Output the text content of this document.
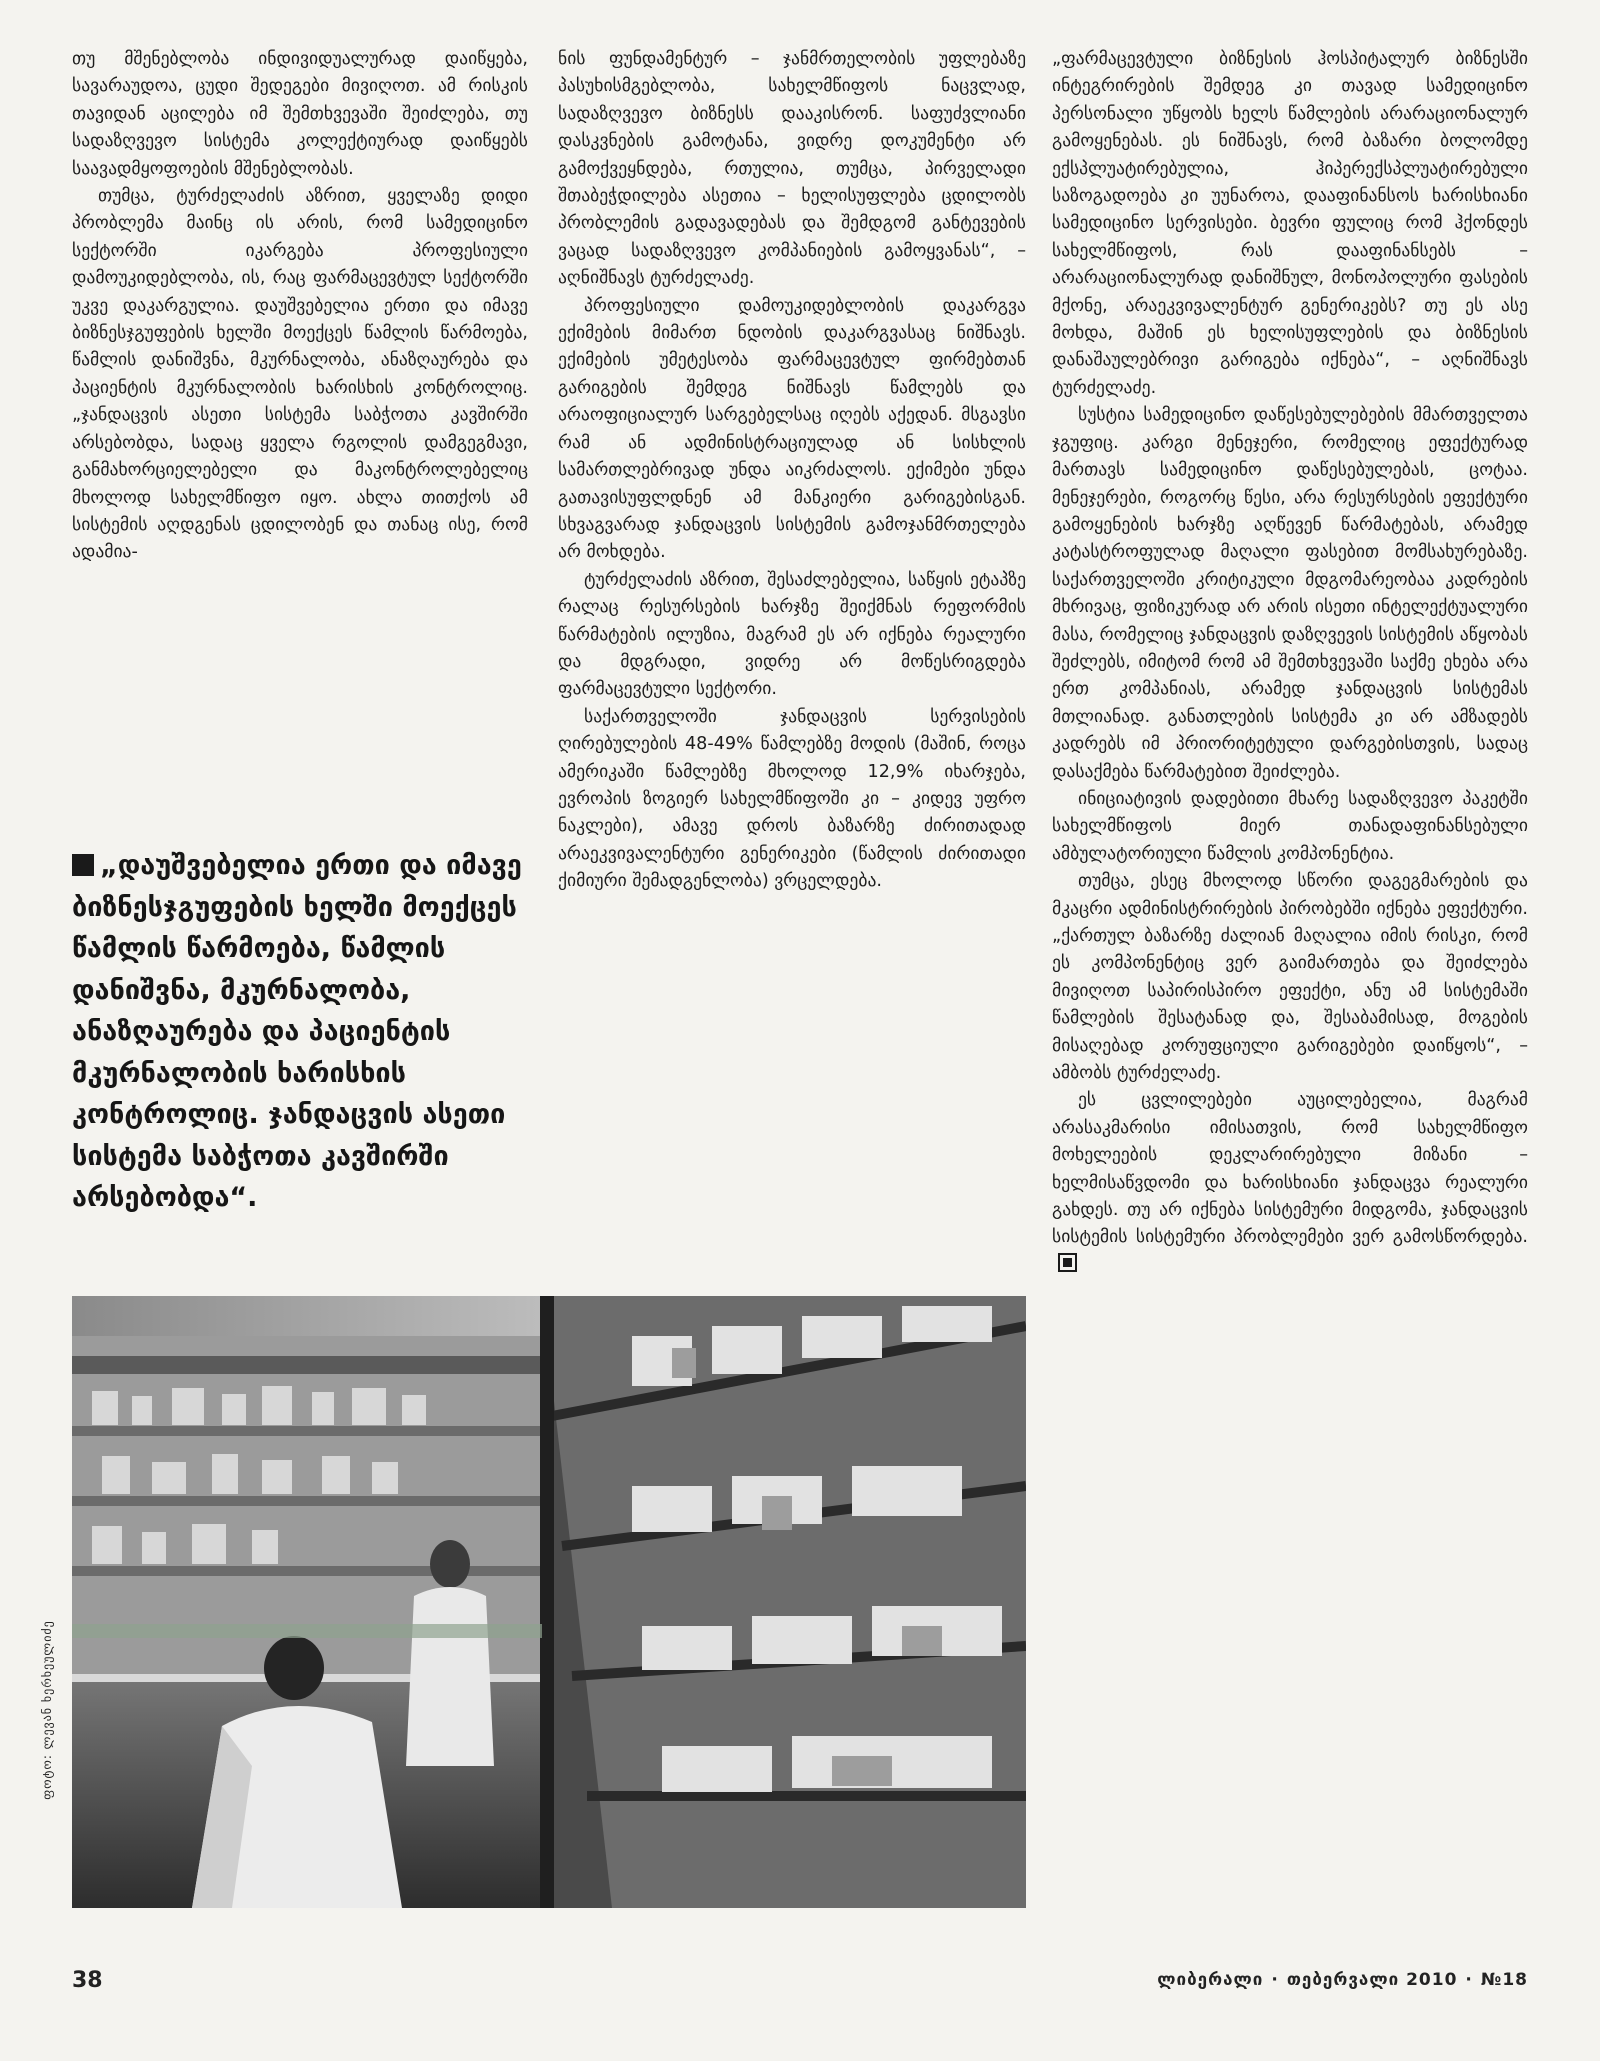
თუ მშენებლობა ინდივიდუალურად დაიწყება, სავარაუდოა, ცუდი შედეგები მივიღოთ. ამ რისკის თავიდან აცილება იმ შემთხვევაში შეიძლება, თუ სადაზღვევო სისტემა კოლექტიურად დაიწყებს საავადმყოფოების მშენებლობას.

თუმცა, ტურძელაძის აზრით, ყველაზე დიდი პრობლემა მაინც ის არის, რომ სამედიცინო სექტორში იკარგება პროფესიული დამოუკიდებლობა, ის, რაც ფარმაცევტულ სექტორში უკვე დაკარგულია. დაუშვებელია ერთი და იმავე ბიზნესჯგუფების ხელში მოექცეს წამლის წარმოება, წამლის დანიშვნა, მკურნალობა, ანაზღაურება და პაციენტის მკურნალობის ხარისხის კონტროლიც. „ჯანდაცვის ასეთი სისტემა საბჭოთა კავშირში არსებობდა, სადაც ყველა რგოლის დამგეგმავი, განმახორციელებელი და მაკონტროლებელიც მხოლოდ სახელმწიფო იყო. ახლა თითქოს ამ სისტემის აღდგენას ცდილობენ და თანაც ისე, რომ ადამია-

„დაუშვებელია ერთი და იმავე ბიზნესჯგუფების ხელში მოექცეს წამლის წარმოება, წამლის დანიშვნა, მკურნალობა, ანაზღაურება და პაციენტის მკურნალობის ხარისხის კონტროლიც. ჯანდაცვის ასეთი სისტემა საბჭოთა კავშირში არსებობდა“.

ნის ფუნდამენტურ – ჯანმრთელობის უფლებაზე პასუხისმგებლობა, სახელმწიფოს ნაცვლად, სადაზღვევო ბიზნესს დააკისრონ. საფუძვლიანი დასკვნების გამოტანა, ვიდრე დოკუმენტი არ გამოქვეყნდება, რთულია, თუმცა, პირველადი შთაბეჭდილება ასეთია – ხელისუფლება ცდილობს პრობლემის გადავადებას და შემდგომ განტევების ვაცად სადაზღვევო კომპანიების გამოყვანას“, – აღნიშნავს ტურძელაძე.

პროფესიული დამოუკიდებლობის დაკარგვა ექიმების მიმართ ნდობის დაკარგვასაც ნიშნავს. ექიმების უმეტესობა ფარმაცევტულ ფირმებთან გარიგების შემდეგ ნიშნავს წამლებს და არაოფიციალურ სარგებელსაც იღებს აქედან. მსგავსი რამ ან ადმინისტრაციულად ან სისხლის სამართლებრივად უნდა აიკრძალოს. ექიმები უნდა გათავისუფლდნენ ამ მანკიერი გარიგებისგან. სხვაგვარად ჯანდაცვის სისტემის გამოჯანმრთელება არ მოხდება.

ტურძელაძის აზრით, შესაძლებელია, საწყის ეტაპზე რალაც რესურსების ხარჯზე შეიქმნას რეფორმის წარმატების ილუზია, მაგრამ ეს არ იქნება რეალური და მდგრადი, ვიდრე არ მოწესრიგდება ფარმაცევტული სექტორი.

საქართველოში ჯანდაცვის სერვისების ღირებულების 48-49% წამლებზე მოდის (მაშინ, როცა ამერიკაში წამლებზე მხოლოდ 12,9% იხარჯება, ევროპის ზოგიერ სახელმწიფოში კი – კიდევ უფრო ნაკლები), ამავე დროს ბაზარზე ძირითადად არაეკვივალენტური გენერიკები (წამლის ძირითადი ქიმიური შემადგენლობა) ვრცელდება.

„ფარმაცევტული ბიზნესის ჰოსპიტალურ ბიზნესში ინტეგრირების შემდეგ კი თავად სამედიცინო პერსონალი უწყობს ხელს წამლების არარაციონალურ გამოყენებას. ეს ნიშნავს, რომ ბაზარი ბოლომდე ექსპლუატირებულია, ჰიპერექსპლუატირებული საზოგადოება კი უუნაროა, დააფინანსოს ხარისხიანი სამედიცინო სერვისები. ბევრი ფულიც რომ ჰქონდეს სახელმწიფოს, რას დააფინანსებს – არარაციონალურად დანიშნულ, მონოპოლური ფასების მქონე, არაეკვივალენტურ გენერიკებს? თუ ეს ასე მოხდა, მაშინ ეს ხელისუფლების და ბიზნესის დანაშაულებრივი გარიგება იქნება“, – აღნიშნავს ტურძელაძე.

სუსტია სამედიცინო დაწესებულებების მმართველთა ჯგუფიც. კარგი მენეჯერი, რომელიც ეფექტურად მართავს სამედიცინო დაწესებულებას, ცოტაა. მენეჯერები, როგორც წესი, არა რესურსების ეფექტური გამოყენების ხარჯზე აღწევენ წარმატებას, არამედ კატასტროფულად მაღალი ფასებით მომსახურებაზე. საქართველოში კრიტიკული მდგომარეობაა კადრების მხრივაც, ფიზიკურად არ არის ისეთი ინტელექტუალური მასა, რომელიც ჯანდაცვის დაზღვევის სისტემის აწყობას შეძლებს, იმიტომ რომ ამ შემთხვევაში საქმე ეხება არა ერთ კომპანიას, არამედ ჯანდაცვის სისტემას მთლიანად. განათლების სისტემა კი არ ამზადებს კადრებს იმ პრიორიტეტული დარგებისთვის, სადაც დასაქმება წარმატებით შეიძლება.

ინიციატივის დადებითი მხარე სადაზღვევო პაკეტში სახელმწიფოს მიერ თანადაფინანსებული ამბულატორიული წამლის კომპონენტია.

თუმცა, ესეც მხოლოდ სწორი დაგეგმარების და მკაცრი ადმინისტრირების პირობებში იქნება ეფექტური. „ქართულ ბაზარზე ძალიან მაღალია იმის რისკი, რომ ეს კომპონენტიც ვერ გაიმართება და შეიძლება მივიღოთ საპირისპირო ეფექტი, ანუ ამ სისტემაში წამლების შესატანად და, შესაბამისად, მოგების მისაღებად კორუფციული გარიგებები დაიწყოს“, – ამბობს ტურძელაძე.

ეს ცვლილებები აუცილებელია, მაგრამ არასაკმარისი იმისათვის, რომ სახელმწიფო მოხელეების დეკლარირებული მიზანი – ხელმისაწვდომი და ხარისხიანი ჯანდაცვა რეალური გახდეს. თუ არ იქნება სისტემური მიდგომა, ჯანდაცვის სისტემის სისტემური პრობლემები ვერ გამოსწორდება.

ფოტო: ლევან ხერხეულიძე
38	ლიბერალი · თებერვალი 2010 · №18
